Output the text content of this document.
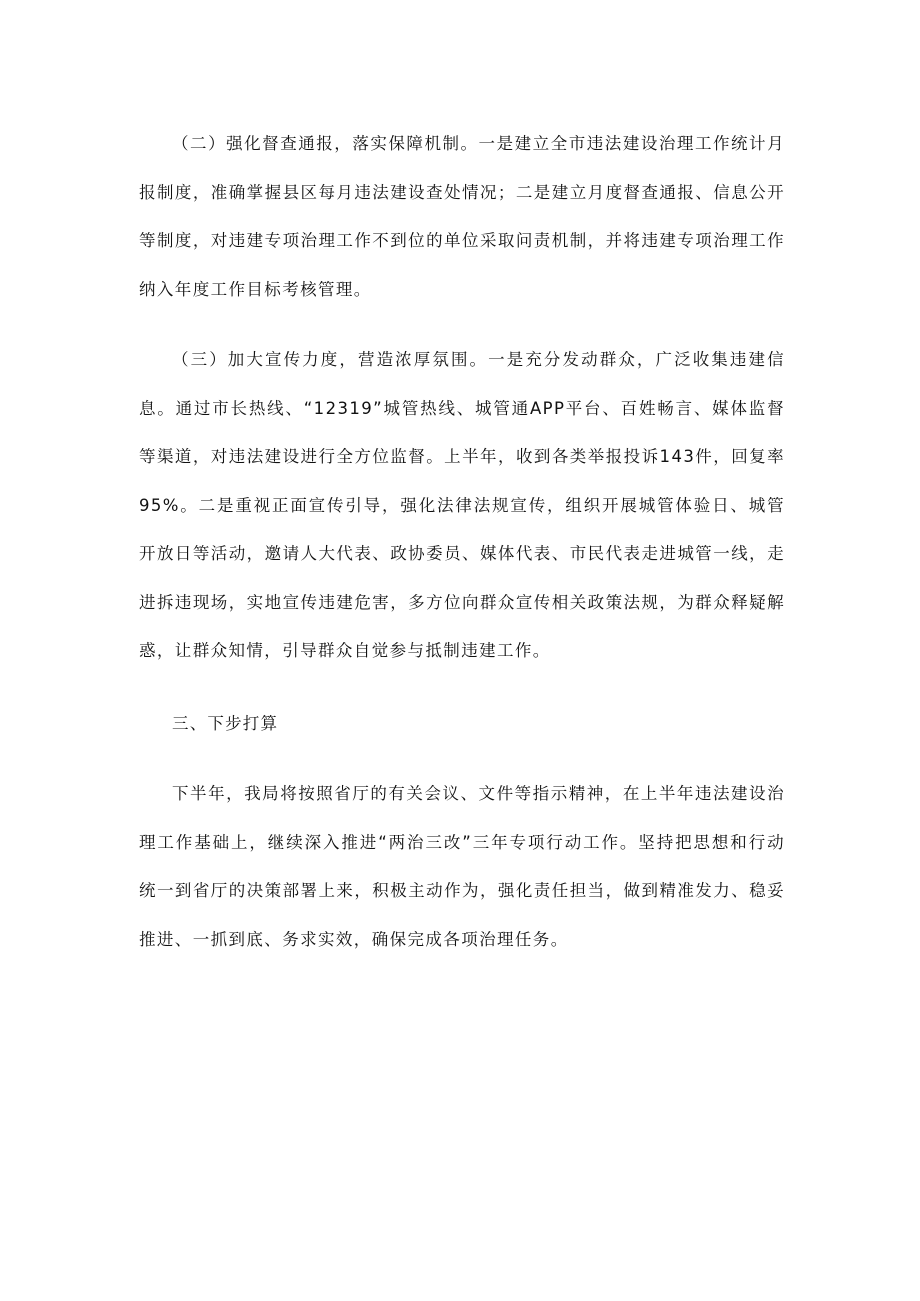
（二）强化督查通报，落实保障机制。一是建立全市违法建设治理工作统计月报制度，准确掌握县区每月违法建设查处情况；二是建立月度督查通报、信息公开等制度，对违建专项治理工作不到位的单位采取问责机制，并将违建专项治理工作纳入年度工作目标考核管理。

（三）加大宣传力度，营造浓厚氛围。一是充分发动群众，广泛收集违建信息。通过市长热线、“12319”城管热线、城管通APP平台、百姓畅言、媒体监督等渠道，对违法建设进行全方位监督。上半年，收到各类举报投诉143件，回复率95%。二是重视正面宣传引导，强化法律法规宣传，组织开展城管体验日、城管开放日等活动，邀请人大代表、政协委员、媒体代表、市民代表走进城管一线，走进拆违现场，实地宣传违建危害，多方位向群众宣传相关政策法规，为群众释疑解惑，让群众知情，引导群众自觉参与抵制违建工作。

三、下步打算

下半年，我局将按照省厅的有关会议、文件等指示精神，在上半年违法建设治理工作基础上，继续深入推进“两治三改”三年专项行动工作。坚持把思想和行动统一到省厅的决策部署上来，积极主动作为，强化责任担当，做到精准发力、稳妥推进、一抓到底、务求实效，确保完成各项治理任务。
